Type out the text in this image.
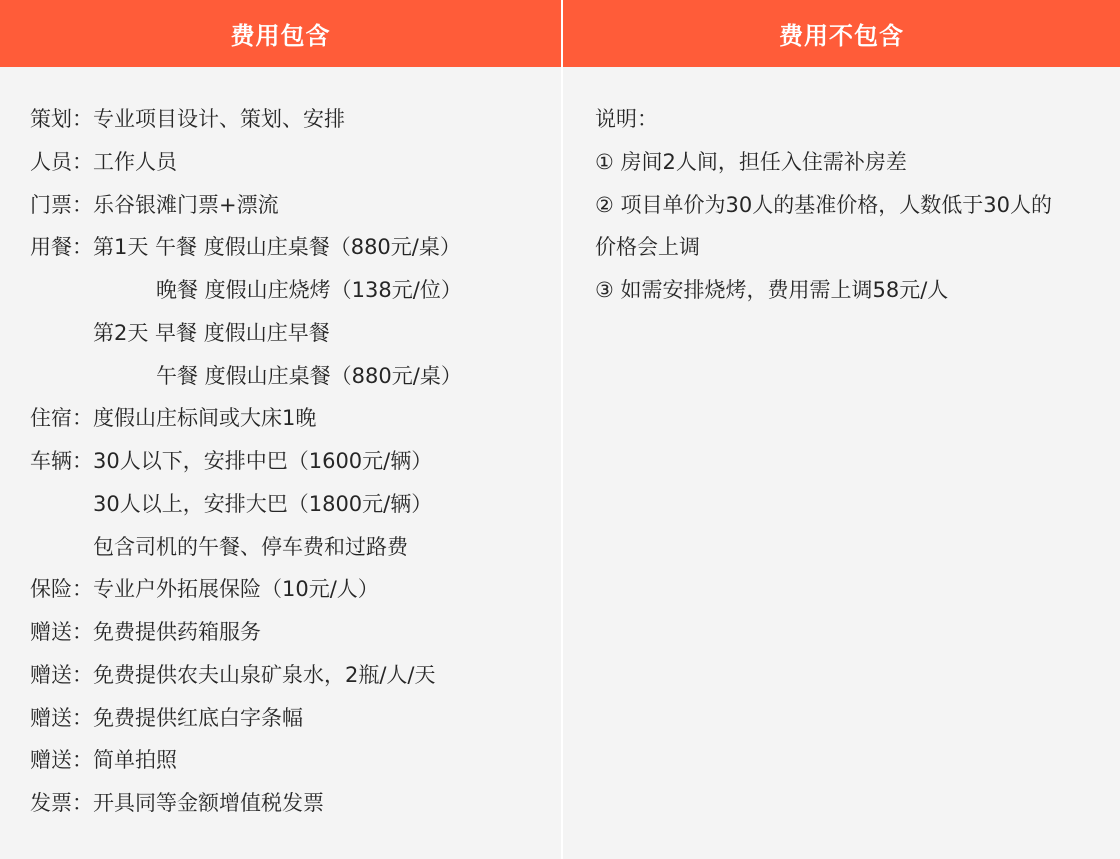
费用包含
策划：专业项目设计、策划、安排
人员：工作人员
门票：乐谷银滩门票+漂流
用餐：第1天 午餐 度假山庄桌餐（880元/桌）
晚餐 度假山庄烧烤（138元/位）
第2天 早餐 度假山庄早餐
午餐 度假山庄桌餐（880元/桌）
住宿：度假山庄标间或大床1晚
车辆：30人以下，安排中巴（1600元/辆）
30人以上，安排大巴（1800元/辆）
包含司机的午餐、停车费和过路费
保险：专业户外拓展保险（10元/人）
赠送：免费提供药箱服务
赠送：免费提供农夫山泉矿泉水，2瓶/人/天
赠送：免费提供红底白字条幅
赠送：简单拍照
发票：开具同等金额增值税发票
费用不包含
说明：
① 房间2人间，担任入住需补房差
② 项目单价为30人的基准价格，人数低于30人的
价格会上调
③ 如需安排烧烤，费用需上调58元/人
